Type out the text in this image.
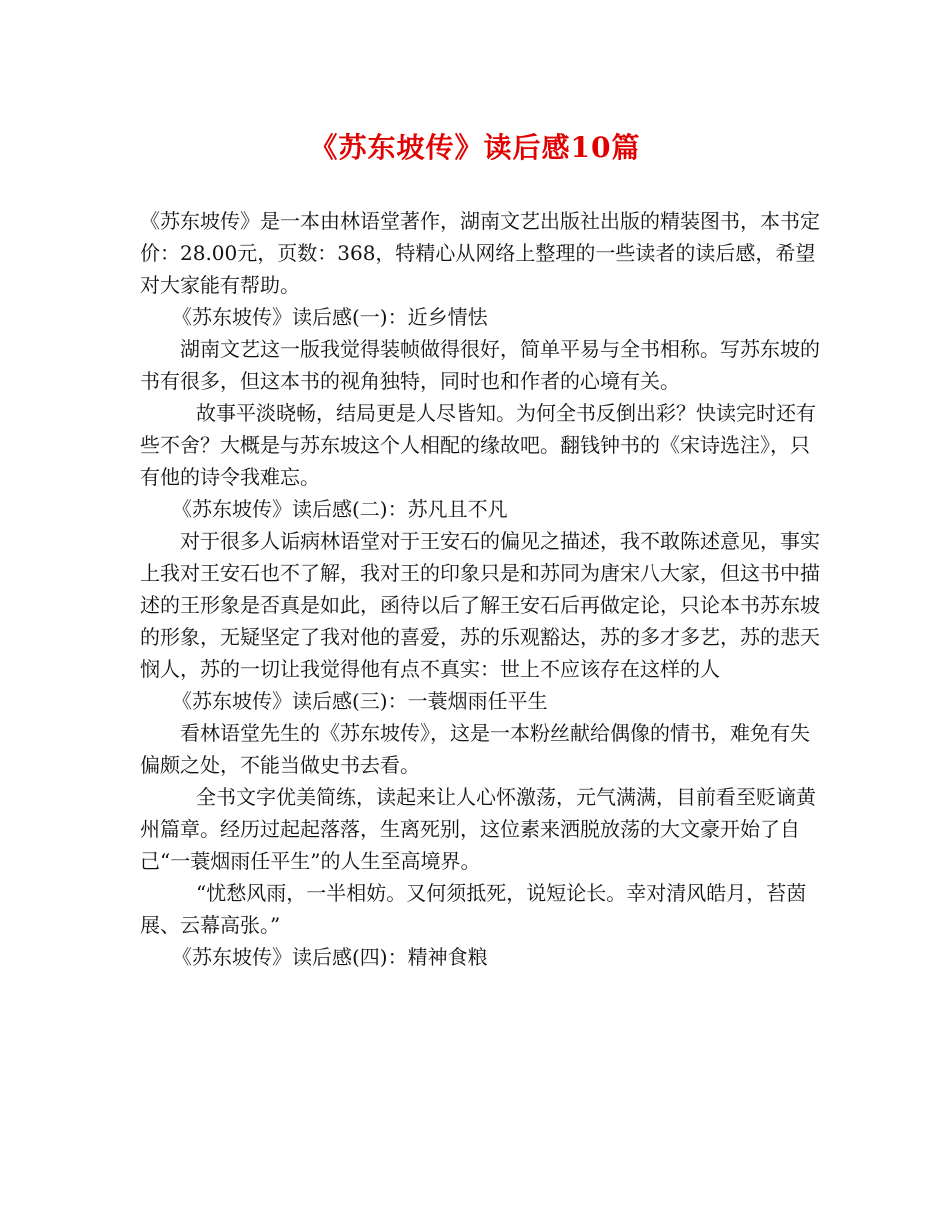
《苏东坡传》读后感10篇

《苏东坡传》是一本由林语堂著作，湖南文艺出版社出版的精装图书，本书定价：28.00元，页数：368，特精心从网络上整理的一些读者的读后感，希望对大家能有帮助。

《苏东坡传》读后感(一)：近乡情怯

湖南文艺这一版我觉得装帧做得很好，简单平易与全书相称。写苏东坡的书有很多，但这本书的视角独特，同时也和作者的心境有关。

故事平淡晓畅，结局更是人尽皆知。为何全书反倒出彩？快读完时还有些不舍？大概是与苏东坡这个人相配的缘故吧。翻钱钟书的《宋诗选注》，只有他的诗令我难忘。

《苏东坡传》读后感(二)：苏凡且不凡

对于很多人诟病林语堂对于王安石的偏见之描述，我不敢陈述意见，事实上我对王安石也不了解，我对王的印象只是和苏同为唐宋八大家，但这书中描述的王形象是否真是如此，函待以后了解王安石后再做定论，只论本书苏东坡的形象，无疑坚定了我对他的喜爱，苏的乐观豁达，苏的多才多艺，苏的悲天悯人，苏的一切让我觉得他有点不真实：世上不应该存在这样的人

《苏东坡传》读后感(三)：一蓑烟雨任平生

看林语堂先生的《苏东坡传》，这是一本粉丝献给偶像的情书，难免有失偏颇之处，不能当做史书去看。

全书文字优美简练，读起来让人心怀激荡，元气满满，目前看至贬谪黄州篇章。经历过起起落落，生离死别，这位素来洒脱放荡的大文豪开始了自己“一蓑烟雨任平生”的人生至高境界。

“忧愁风雨，一半相妨。又何须抵死，说短论长。幸对清风皓月，苔茵展、云幕高张。”

《苏东坡传》读后感(四)：精神食粮
